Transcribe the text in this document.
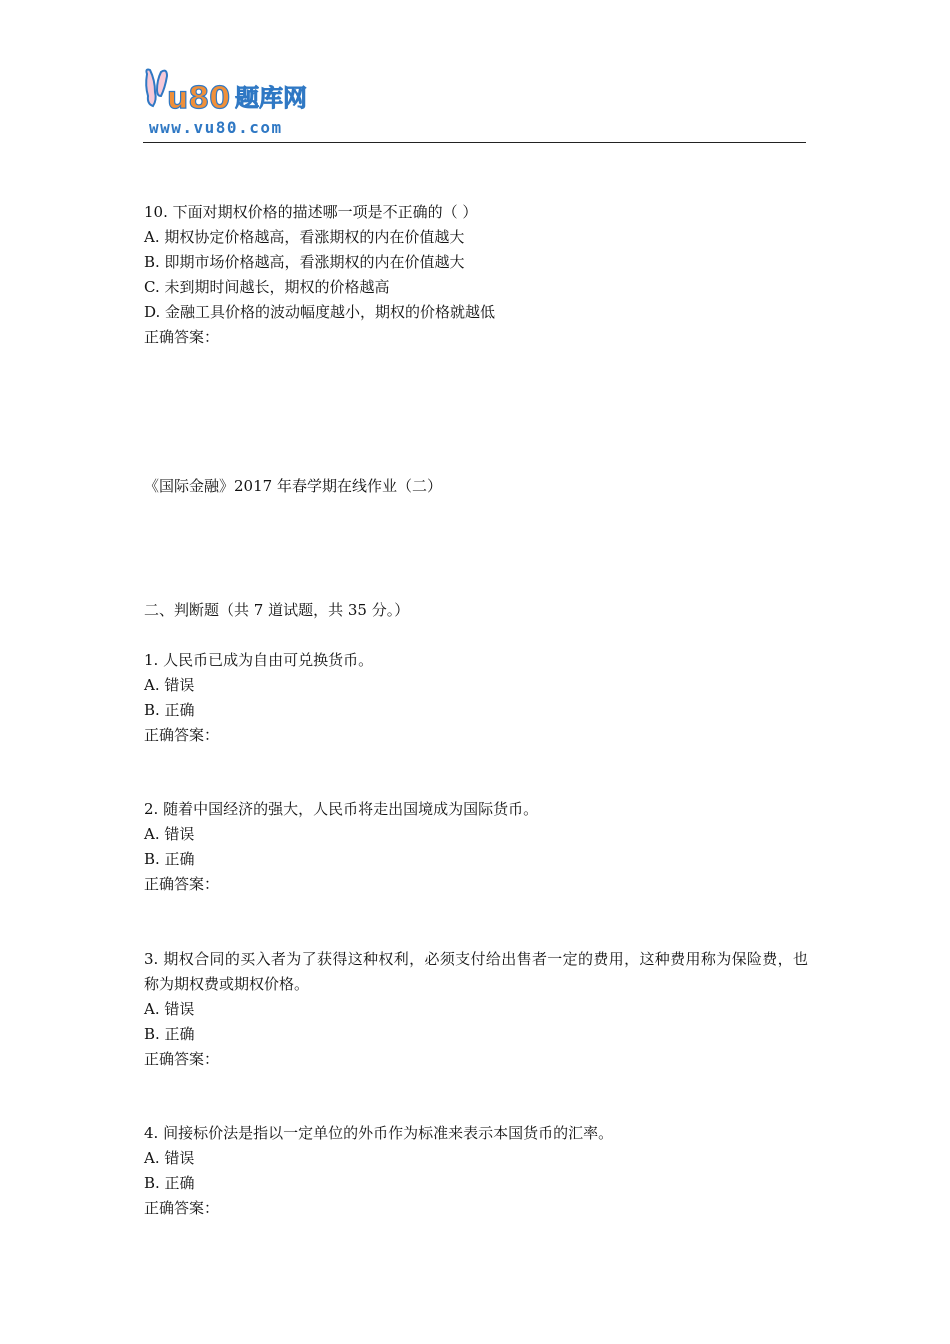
u80 题库网
www.vu80.com
10. 下面对期权价格的描述哪一项是不正确的（ ）
A. 期权协定价格越高，看涨期权的内在价值越大
B. 即期市场价格越高，看涨期权的内在价值越大
C. 未到期时间越长，期权的价格越高
D. 金融工具价格的波动幅度越小，期权的价格就越低
正确答案：
《国际金融》2017 年春学期在线作业（二）
二、判断题（共 7 道试题，共 35 分。）
1. 人民币已成为自由可兑换货币。
A. 错误
B. 正确
正确答案：
2. 随着中国经济的强大，人民币将走出国境成为国际货币。
A. 错误
B. 正确
正确答案：
3. 期权合同的买入者为了获得这种权利，必须支付给出售者一定的费用，这种费用称为保险费，也称为期权费或期权价格。
A. 错误
B. 正确
正确答案：
4. 间接标价法是指以一定单位的外币作为标准来表示本国货币的汇率。
A. 错误
B. 正确
正确答案：
